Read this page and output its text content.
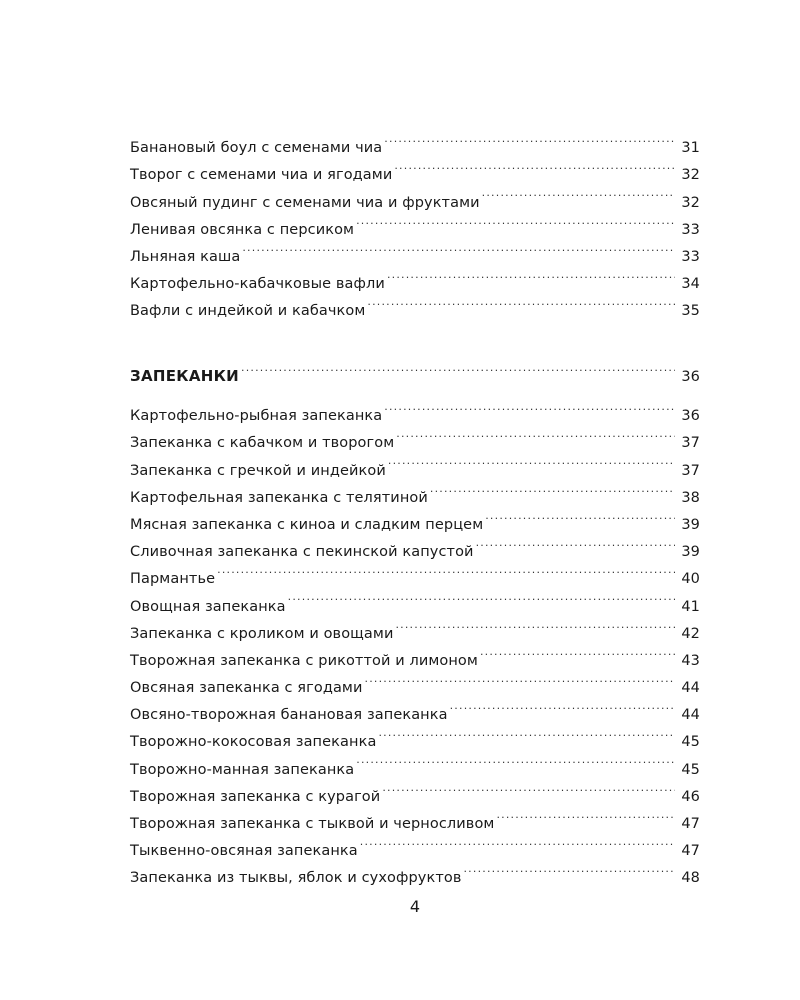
Банановый боул с семенами чиа .....	31
Творог с семенами чиа и ягодами .....	32
Овсяный пудинг с семенами чиа и фруктами .....	32
Ленивая овсянка с персиком .....	33
Льняная каша .....	33
Картофельно-кабачковые вафли .....	34
Вафли с индейкой и кабачком .....	35
ЗАПЕКАНКИ .....	36
Картофельно-рыбная запеканка .....	36
Запеканка с кабачком и творогом .....	37
Запеканка с гречкой и индейкой .....	37
Картофельная запеканка с телятиной .....	38
Мясная запеканка с киноа и сладким перцем .....	39
Сливочная запеканка с пекинской капустой .....	39
Пармантье .....	40
Овощная запеканка .....	41
Запеканка с кроликом и овощами .....	42
Творожная запеканка с рикоттой и лимоном .....	43
Овсяная запеканка с ягодами .....	44
Овсяно-творожная банановая запеканка .....	44
Творожно-кокосовая запеканка .....	45
Творожно-манная запеканка .....	45
Творожная запеканка с курагой .....	46
Творожная запеканка с тыквой и черносливом .....	47
Тыквенно-овсяная запеканка .....	47
Запеканка из тыквы, яблок и сухофруктов .....	48
4
